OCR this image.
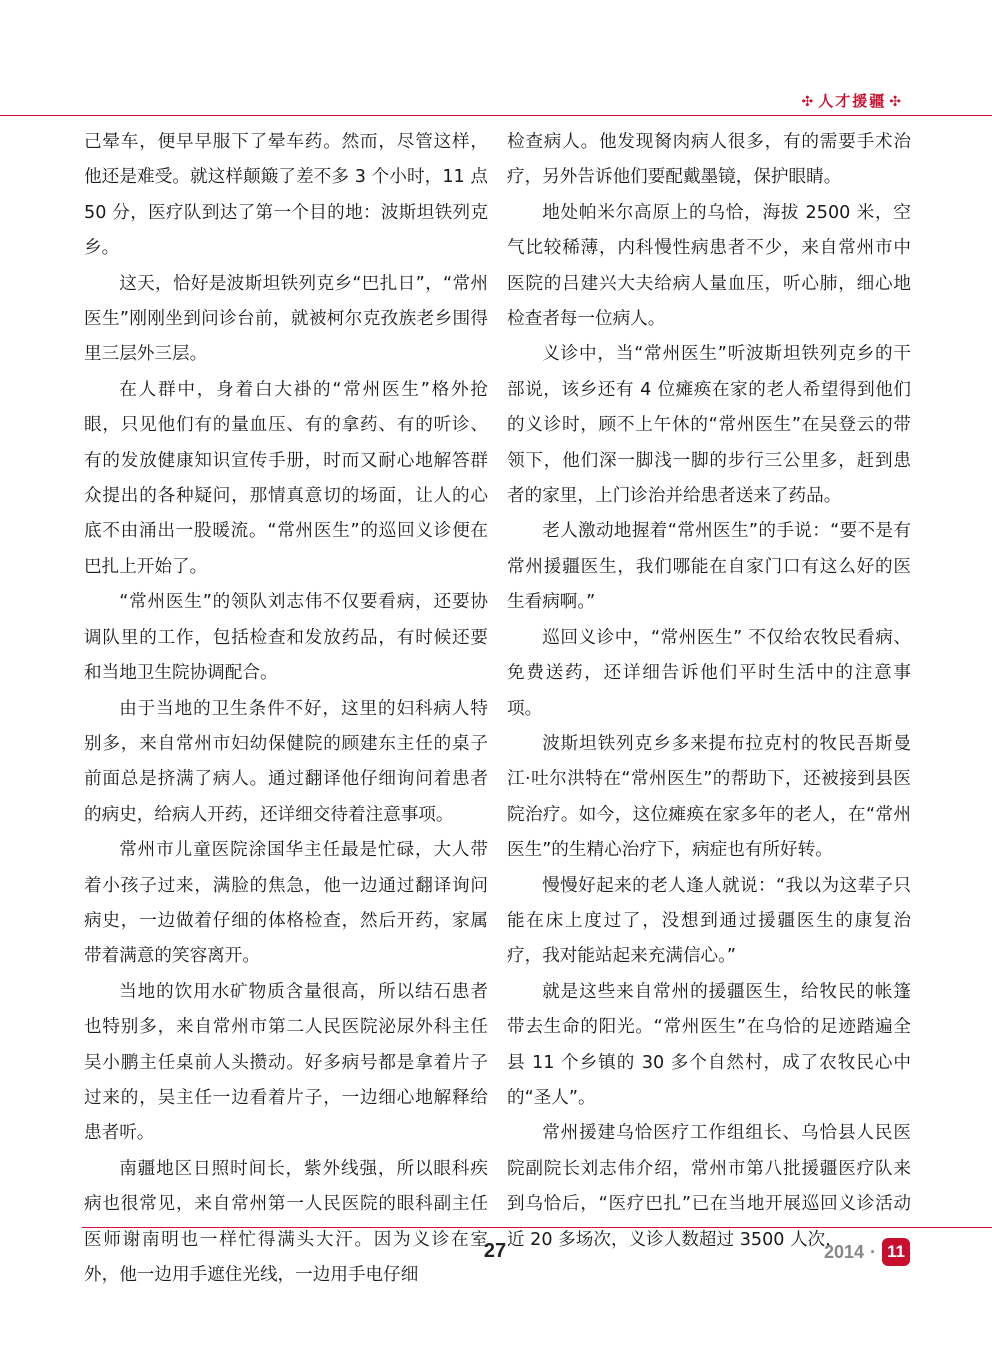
✣ 人才援疆 ✣

己晕车，便早早服下了晕车药。然而，尽管这样，他还是难受。就这样颠簸了差不多 3 个小时，11 点 50 分，医疗队到达了第一个目的地：波斯坦铁列克乡。

这天，恰好是波斯坦铁列克乡“巴扎日”，“常州医生”刚刚坐到问诊台前，就被柯尔克孜族老乡围得里三层外三层。

在人群中，身着白大褂的“常州医生”格外抢眼，只见他们有的量血压、有的拿药、有的听诊、有的发放健康知识宣传手册，时而又耐心地解答群众提出的各种疑问，那情真意切的场面，让人的心底不由涌出一股暖流。“常州医生”的巡回义诊便在巴扎上开始了。

“常州医生”的领队刘志伟不仅要看病，还要协调队里的工作，包括检查和发放药品，有时候还要和当地卫生院协调配合。

由于当地的卫生条件不好，这里的妇科病人特别多，来自常州市妇幼保健院的顾建东主任的桌子前面总是挤满了病人。通过翻译他仔细询问着患者的病史，给病人开药，还详细交待着注意事项。

常州市儿童医院涂国华主任最是忙碌，大人带着小孩子过来，满脸的焦急，他一边通过翻译询问病史，一边做着仔细的体格检查，然后开药，家属带着满意的笑容离开。

当地的饮用水矿物质含量很高，所以结石患者也特别多，来自常州市第二人民医院泌尿外科主任吴小鹏主任桌前人头攒动。好多病号都是拿着片子过来的，吴主任一边看着片子，一边细心地解释给患者听。

南疆地区日照时间长，紫外线强，所以眼科疾病也很常见，来自常州第一人民医院的眼科副主任医师谢南明也一样忙得满头大汗。因为义诊在室外，他一边用手遮住光线，一边用手电仔细

检查病人。他发现胬肉病人很多，有的需要手术治疗，另外告诉他们要配戴墨镜，保护眼睛。

地处帕米尔高原上的乌恰，海拔 2500 米，空气比较稀薄，内科慢性病患者不少，来自常州市中医院的吕建兴大夫给病人量血压，听心肺，细心地检查者每一位病人。

义诊中，当“常州医生”听波斯坦铁列克乡的干部说，该乡还有 4 位瘫痪在家的老人希望得到他们的义诊时，顾不上午休的“常州医生”在吴登云的带领下，他们深一脚浅一脚的步行三公里多，赶到患者的家里，上门诊治并给患者送来了药品。

老人激动地握着“常州医生”的手说：“要不是有常州援疆医生，我们哪能在自家门口有这么好的医生看病啊。”

巡回义诊中，“常州医生” 不仅给农牧民看病、免费送药，还详细告诉他们平时生活中的注意事项。

波斯坦铁列克乡多来提布拉克村的牧民吾斯曼江·吐尔洪特在“常州医生”的帮助下，还被接到县医院治疗。如今，这位瘫痪在家多年的老人，在“常州医生”的生精心治疗下，病症也有所好转。

慢慢好起来的老人逢人就说：“我以为这辈子只能在床上度过了，没想到通过援疆医生的康复治疗，我对能站起来充满信心。”

就是这些来自常州的援疆医生，给牧民的帐篷带去生命的阳光。“常州医生”在乌恰的足迹踏遍全县 11 个乡镇的 30 多个自然村，成了农牧民心中的“圣人”。

常州援建乌恰医疗工作组组长、乌恰县人民医院副院长刘志伟介绍，常州市第八批援疆医疗队来到乌恰后，“医疗巴扎”已在当地开展巡回义诊活动近 20 多场次，义诊人数超过 3500 人次，

27	2014 · 11
